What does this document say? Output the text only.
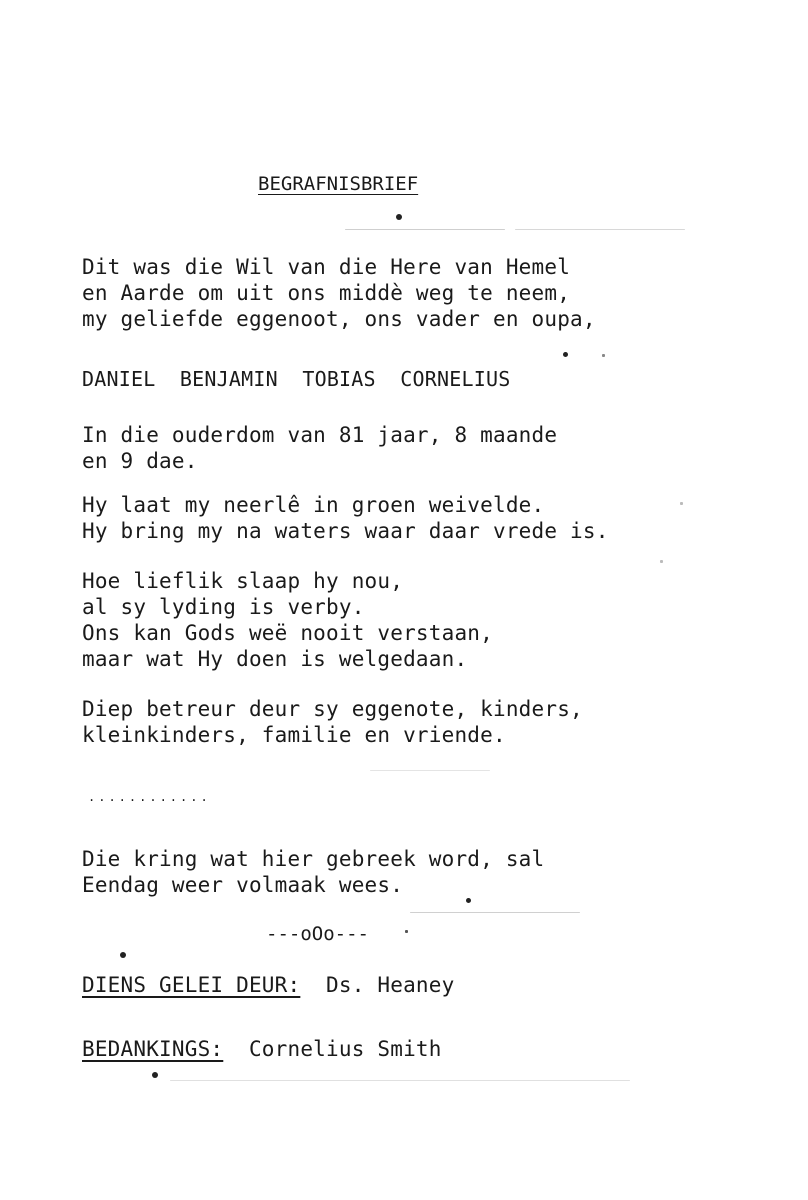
BEGRAFNISBRIEF
Dit was die Wil van die Here van Hemel
en Aarde om uit ons middè weg te neem,
my geliefde eggenoot, ons vader en oupa,
DANIEL  BENJAMIN  TOBIAS  CORNELIUS
In die ouderdom van 81 jaar, 8 maande
en 9 dae.
Hy laat my neerlê in groen weivelde.
Hy bring my na waters waar daar vrede is.
Hoe lieflik slaap hy nou,
al sy lyding is verby.
Ons kan Gods weë nooit verstaan,
maar wat Hy doen is welgedaan.
Diep betreur deur sy eggenote, kinders,
kleinkinders, familie en vriende.
............
Die kring wat hier gebreek word, sal
Eendag weer volmaak wees.
---oOo---
DIENS GELEI DEUR: Ds. Heaney
BEDANKINGS: Cornelius Smith
